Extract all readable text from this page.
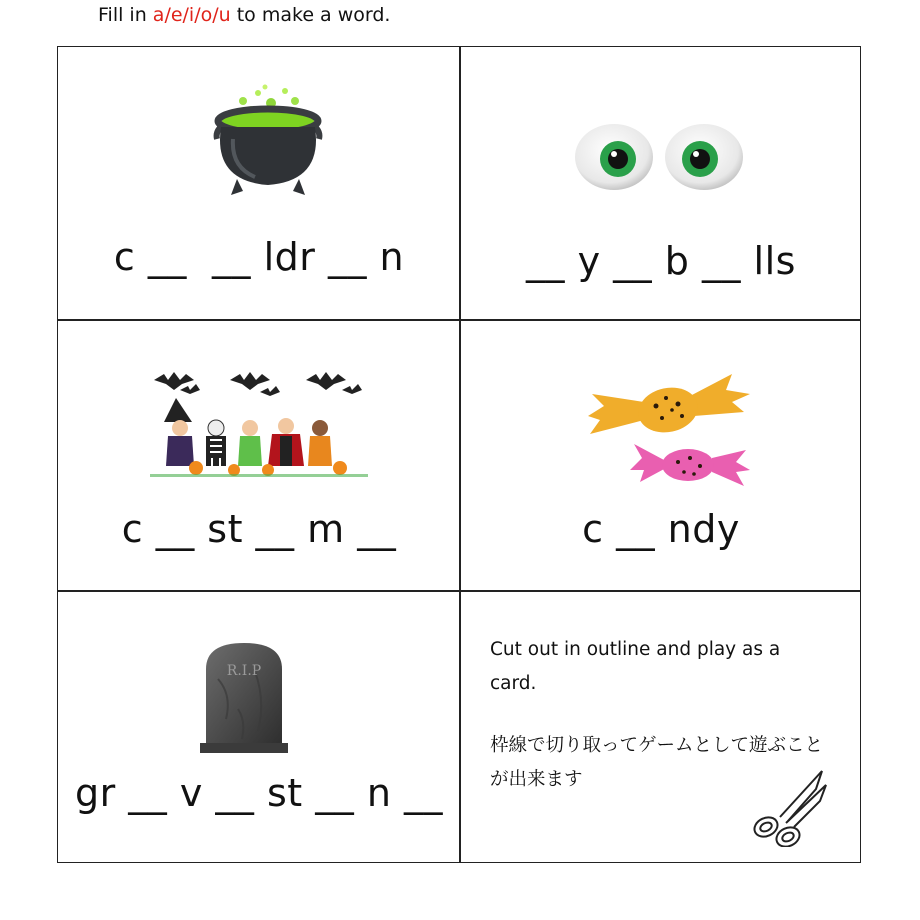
Fill in a/e/i/o/u to make a word.
c __  __ ldr __ n	__ y __ b __ lls
c __ st __ m __	c __ ndy
R.I.P
gr __ v __ st __ n __

Cut out in outline and play as a card.

枠線で切り取ってゲームとして遊ぶことが出来ます
